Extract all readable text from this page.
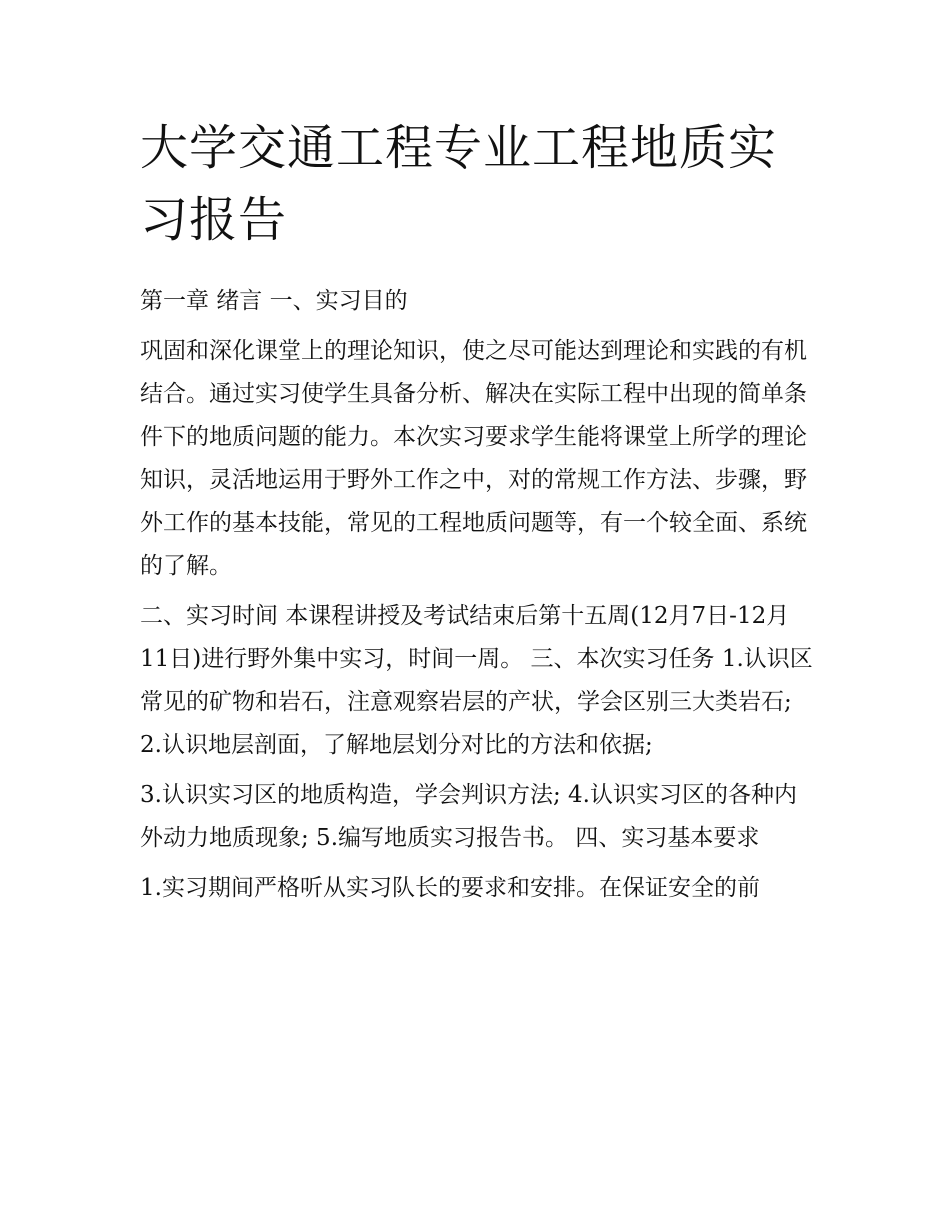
大学交通工程专业工程地质实习报告

第一章 绪言 一、实习目的

巩固和深化课堂上的理论知识，使之尽可能达到理论和实践的有机结合。通过实习使学生具备分析、解决在实际工程中出现的简单条件下的地质问题的能力。本次实习要求学生能将课堂上所学的理论知识，灵活地运用于野外工作之中，对的常规工作方法、步骤，野外工作的基本技能，常见的工程地质问题等，有一个较全面、系统的了解。

二、实习时间 本课程讲授及考试结束后第十五周(12月7日-12月11日)进行野外集中实习，时间一周。 三、本次实习任务 1.认识区常见的矿物和岩石，注意观察岩层的产状，学会区别三大类岩石; 2.认识地层剖面，了解地层划分对比的方法和依据;

3.认识实习区的地质构造，学会判识方法; 4.认识实习区的各种内外动力地质现象; 5.编写地质实习报告书。 四、实习基本要求

1.实习期间严格听从实习队长的要求和安排。在保证安全的前
